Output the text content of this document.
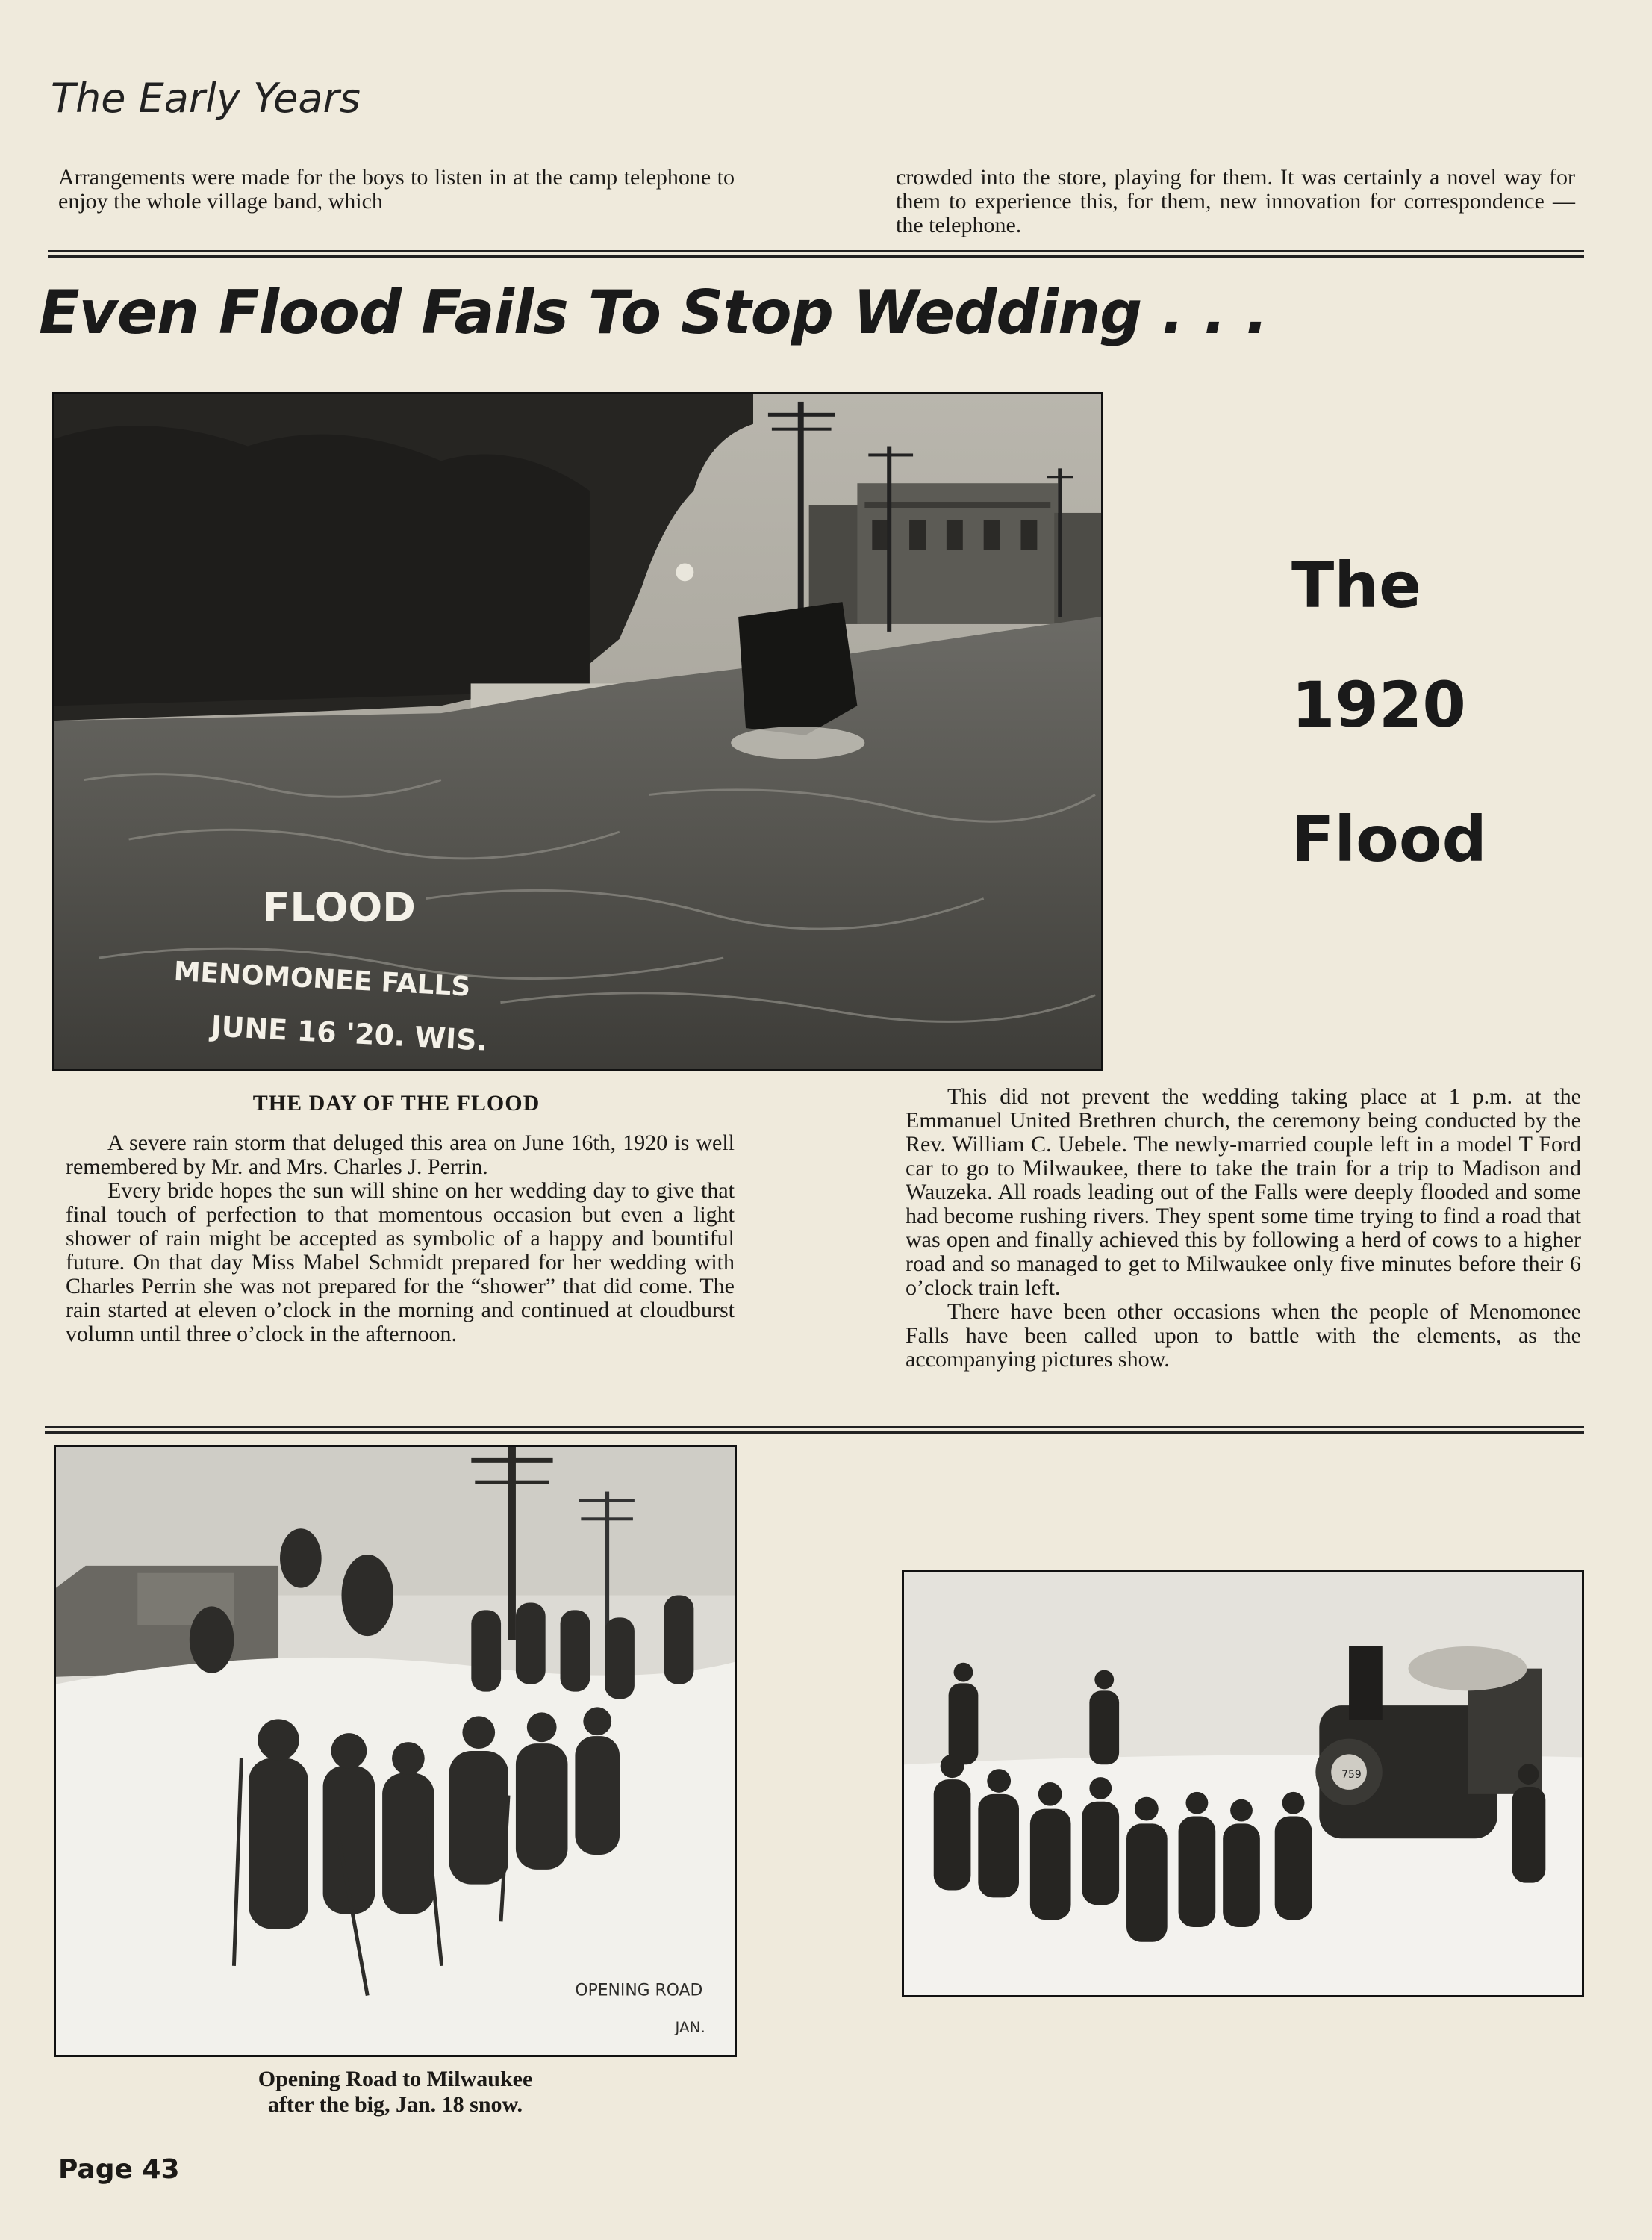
The Early Years

Arrangements were made for the boys to listen in at the camp telephone to enjoy the whole village band, which

crowded into the store, playing for them. It was certainly a novel way for them to experience this, for them, new innovation for correspondence — the telephone.

Even Flood Fails To Stop Wedding . . .
FLOOD
MENOMONEE FALLS
JUNE 16 '20. WIS.
The
1920
Flood
THE DAY OF THE FLOOD

A severe rain storm that deluged this area on June 16th, 1920 is well remembered by Mr. and Mrs. Charles J. Perrin.

Every bride hopes the sun will shine on her wedding day to give that final touch of perfection to that momentous occasion but even a light shower of rain might be accepted as symbolic of a happy and bountiful future. On that day Miss Mabel Schmidt prepared for her wedding with Charles Perrin she was not prepared for the “shower” that did come. The rain started at eleven o’clock in the morning and continued at cloudburst volumn until three o’clock in the afternoon.

This did not prevent the wedding taking place at 1 p.m. at the Emmanuel United Brethren church, the ceremony being conducted by the Rev. William C. Uebele. The newly-married couple left in a model T Ford car to go to Milwaukee, there to take the train for a trip to Madison and Wauzeka. All roads leading out of the Falls were deeply flooded and some had become rushing rivers. They spent some time trying to find a road that was open and finally achieved this by following a herd of cows to a higher road and so managed to get to Milwaukee only five minutes before their 6 o’clock train left.

There have been other occasions when the people of Menomonee Falls have been called upon to battle with the elements, as the accompanying pictures show.

OPENING ROAD
JAN.
Opening Road to Milwaukee
after the big, Jan. 18 snow.
759
Page 43
